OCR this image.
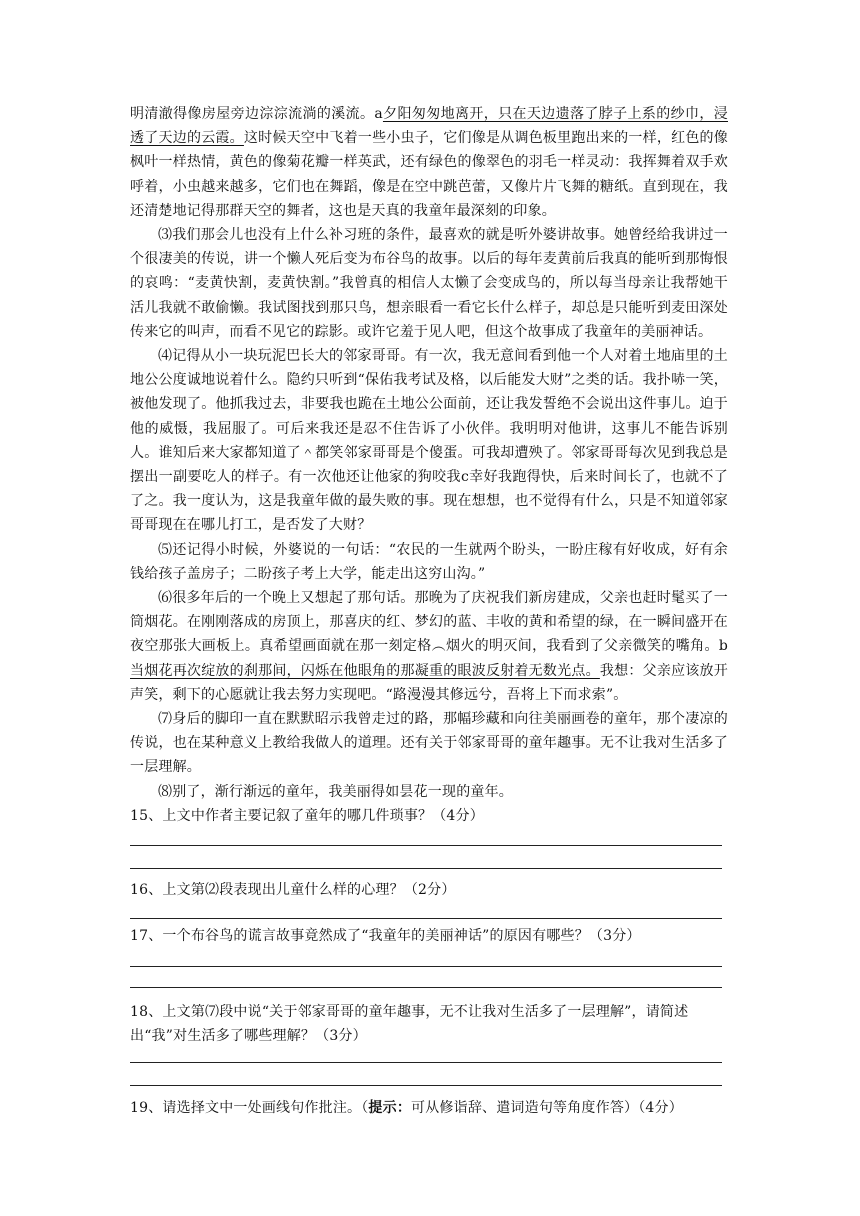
明清澈得像房屋旁边淙淙流淌的溪流。a夕阳匆匆地离开，只在天边遗落了脖子上系的纱巾，浸透了天边的云霞。这时候天空中飞着一些小虫子，它们像是从调色板里跑出来的一样，红色的像枫叶一样热情，黄色的像菊花瓣一样英武，还有绿色的像翠色的羽毛一样灵动：我挥舞着双手欢呼着，小虫越来越多，它们也在舞蹈，像是在空中跳芭蕾，又像片片飞舞的糖纸。直到现在，我还清楚地记得那群天空的舞者，这也是天真的我童年最深刻的印象。

⑶我们那会儿也没有上什么补习班的条件，最喜欢的就是听外婆讲故事。她曾经给我讲过一个很凄美的传说，讲一个懒人死后变为布谷鸟的故事。以后的每年麦黄前后我真的能听到那悔恨的哀鸣：“麦黄快割，麦黄快割。”我曾真的相信人太懒了会变成鸟的，所以每当母亲让我帮她干活儿我就不敢偷懒。我试图找到那只鸟，想亲眼看一看它长什么样子，却总是只能听到麦田深处传来它的叫声，而看不见它的踪影。或许它羞于见人吧，但这个故事成了我童年的美丽神话。

⑷记得从小一块玩泥巴长大的邻家哥哥。有一次，我无意间看到他一个人对着土地庙里的土地公公度诚地说着什么。隐约只听到“保佑我考试及格，以后能发大财”之类的话。我扑哧一笑，被他发现了。他抓我过去，非要我也跪在土地公公面前，还让我发誓绝不会说出这件事儿。迫于他的威慑，我屈服了。可后来我还是忍不住告诉了小伙伴。我明明对他讲，这事儿不能告诉别人。谁知后来大家都知道了＾都笑邻家哥哥是个傻蛋。可我却遭殃了。邻家哥哥每次见到我总是摆出一副要吃人的样子。有一次他还让他家的狗咬我c幸好我跑得快，后来时间长了，也就不了了之。我一度认为，这是我童年做的最失败的事。现在想想，也不觉得有什么，只是不知道邻家哥哥现在在哪儿打工，是否发了大财？

⑸还记得小时候，外婆说的一句话：“农民的一生就两个盼头，一盼庄稼有好收成，好有余钱给孩子盖房子；二盼孩子考上大学，能走出这穷山沟。”

⑹很多年后的一个晚上又想起了那句话。那晚为了庆祝我们新房建成，父亲也赶时髦买了一筒烟花。在刚刚落成的房顶上，那喜庆的红、梦幻的蓝、丰收的黄和希望的绿，在一瞬间盛开在夜空那张大画板上。真希望画面就在那一刻定格︵烟火的明灭间，我看到了父亲微笑的嘴角。b当烟花再次绽放的刹那间，闪烁在他眼角的那凝重的眼波反射着无数光点。我想：父亲应该放开声笑，剩下的心愿就让我去努力实现吧。“路漫漫其修远兮，吾将上下而求索”。

⑺身后的脚印一直在默默昭示我曾走过的路，那幅珍藏和向往美丽画卷的童年，那个凄凉的传说，也在某种意义上教给我做人的道理。还有关于邻家哥哥的童年趣事。无不让我对生活多了一层理解。

⑻别了，渐行渐远的童年，我美丽得如昙花一现的童年。

15、上文中作者主要记叙了童年的哪几件琐事？（4分）

16、上文第⑵段表现出儿童什么样的心理？（2分）

17、一个布谷鸟的谎言故事竟然成了“我童年的美丽神话”的原因有哪些？（3分）

18、上文第⑺段中说“关于邻家哥哥的童年趣事，无不让我对生活多了一层理解”，请简述出“我”对生活多了哪些理解？（3分）

19、请选择文中一处画线句作批注。（提示：可从修诣辞、遣词造句等角度作答）（4分）
